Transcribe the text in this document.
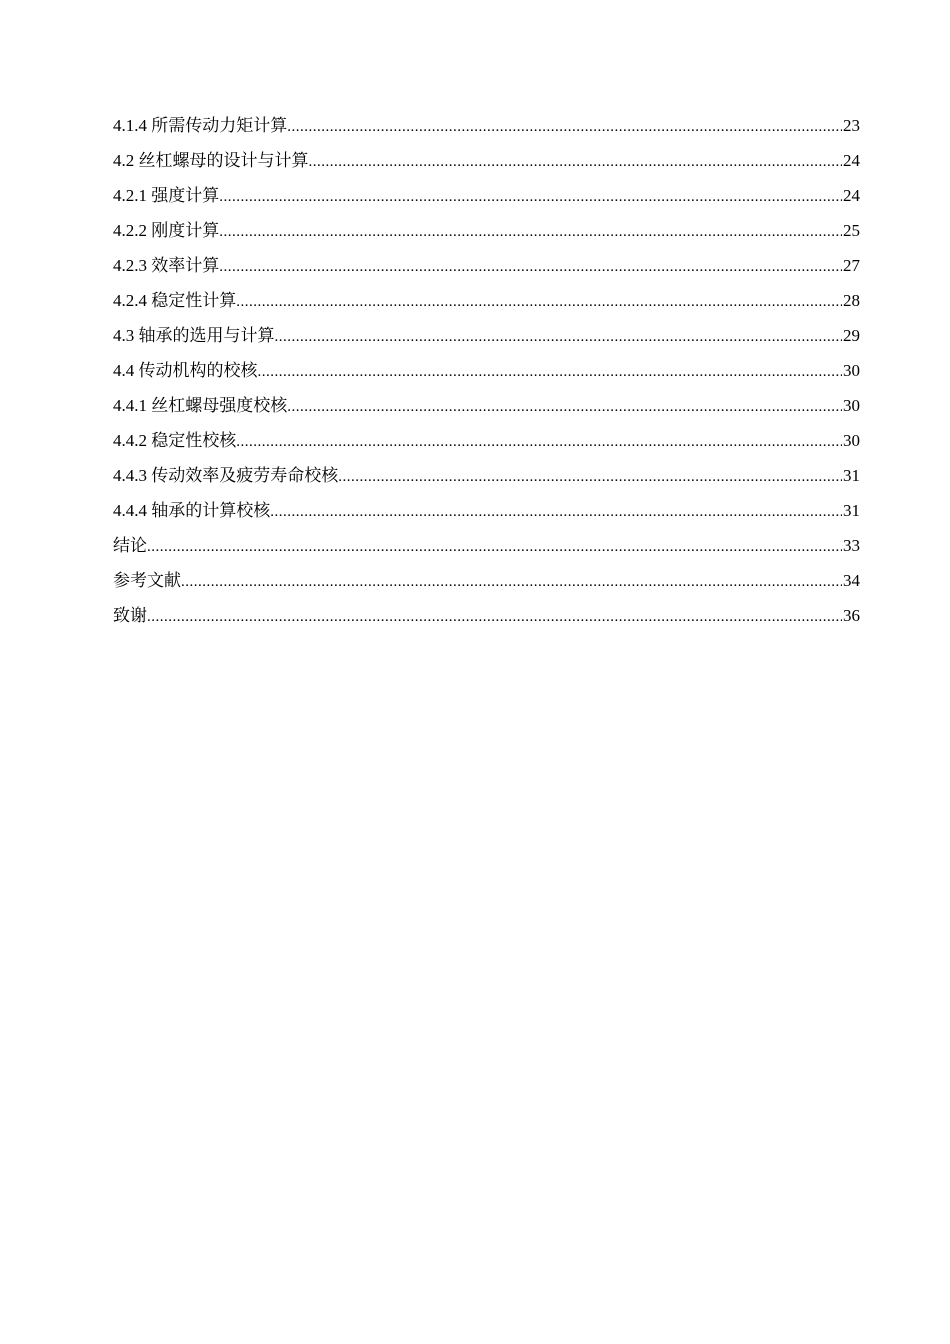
4.1.4 所需传动力矩计算 .....	23
4.2 丝杠螺母的设计与计算 .....	24
4.2.1 强度计算 .....	24
4.2.2 刚度计算 .....	25
4.2.3 效率计算 .....	27
4.2.4 稳定性计算 .....	28
4.3 轴承的选用与计算 .....	29
4.4 传动机构的校核 .....	30
4.4.1 丝杠螺母强度校核 .....	30
4.4.2 稳定性校核 .....	30
4.4.3 传动效率及疲劳寿命校核 .....	31
4.4.4 轴承的计算校核 .....	31
结论 .....	33
参考文献 .....	34
致谢 .....	36
